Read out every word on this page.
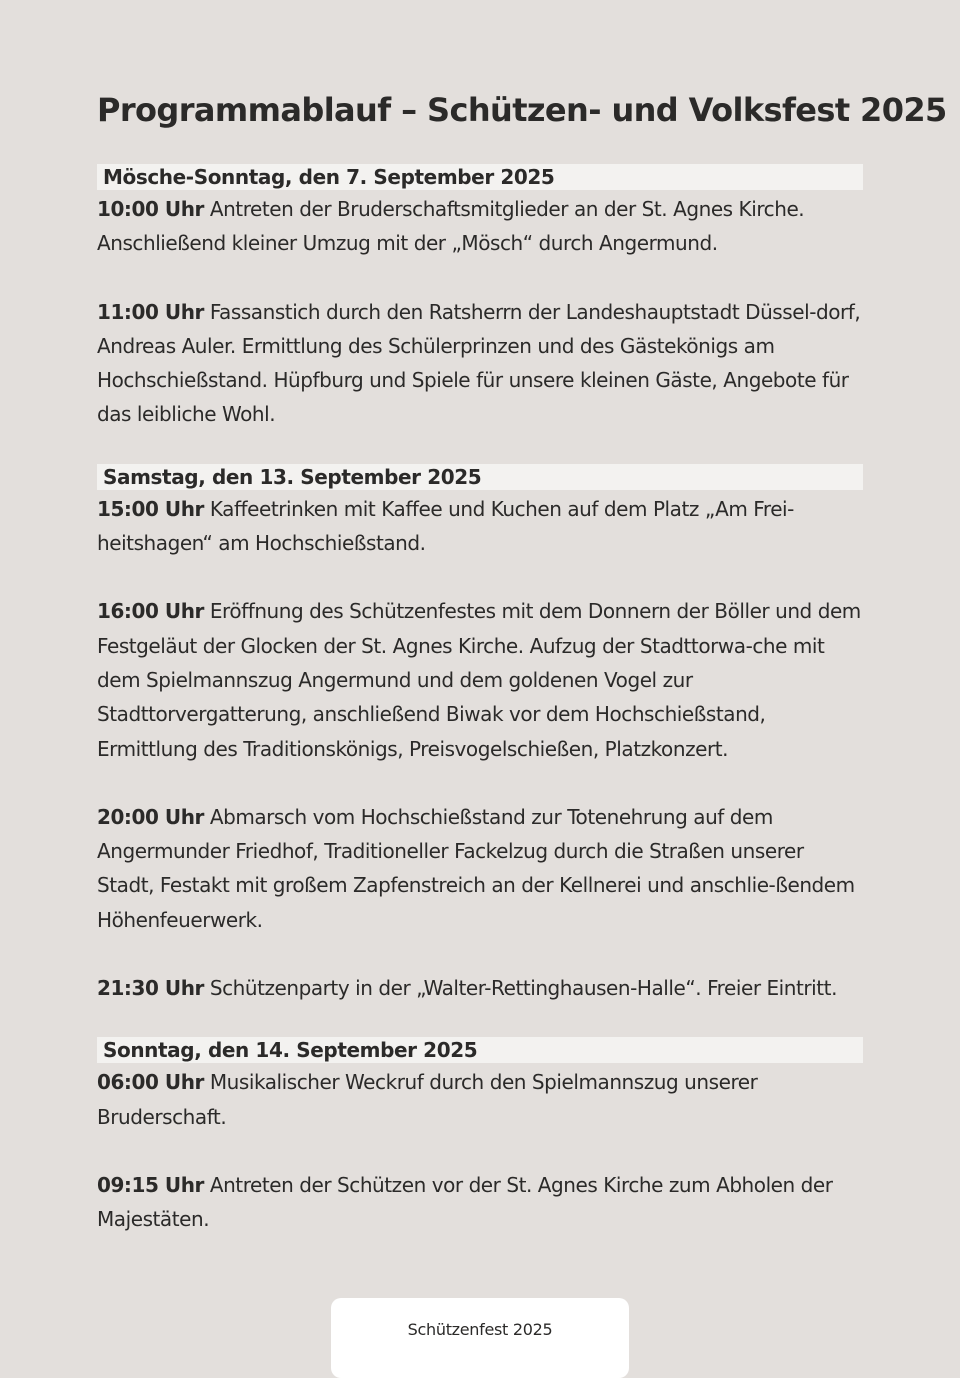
Programmablauf – Schützen- und Volksfest 2025
Mösche-Sonntag, den 7. September 2025

10:00 Uhr Antreten der Bruderschaftsmitglieder an der St. Agnes Kirche. Anschließend kleiner Umzug mit der „Mösch“ durch Angermund.

11:00 Uhr Fassanstich durch den Ratsherrn der Landeshauptstadt Düssel-dorf, Andreas Auler. Ermittlung des Schülerprinzen und des Gästekönigs am Hochschießstand. Hüpfburg und Spiele für unsere kleinen Gäste, Angebote für das leibliche Wohl.

Samstag, den 13. September 2025

15:00 Uhr Kaffeetrinken mit Kaffee und Kuchen auf dem Platz „Am Frei-heitshagen“ am Hochschießstand.

16:00 Uhr Eröffnung des Schützenfestes mit dem Donnern der Böller und dem Festgeläut der Glocken der St. Agnes Kirche. Aufzug der Stadttorwa-che mit dem Spielmannszug Angermund und dem goldenen Vogel zur Stadttorvergatterung, anschließend Biwak vor dem Hochschießstand, Ermittlung des Traditionskönigs, Preisvogelschießen, Platzkonzert.

20:00 Uhr Abmarsch vom Hochschießstand zur Totenehrung auf dem Angermunder Friedhof, Traditioneller Fackelzug durch die Straßen unserer Stadt, Festakt mit großem Zapfenstreich an der Kellnerei und anschlie-ßendem Höhenfeuerwerk.

21:30 Uhr Schützenparty in der „Walter-Rettinghausen-Halle“. Freier Eintritt.

Sonntag, den 14. September 2025

06:00 Uhr Musikalischer Weckruf durch den Spielmannszug unserer Bruderschaft.

09:15 Uhr Antreten der Schützen vor der St. Agnes Kirche zum Abholen der Majestäten.

Schützenfest 2025
